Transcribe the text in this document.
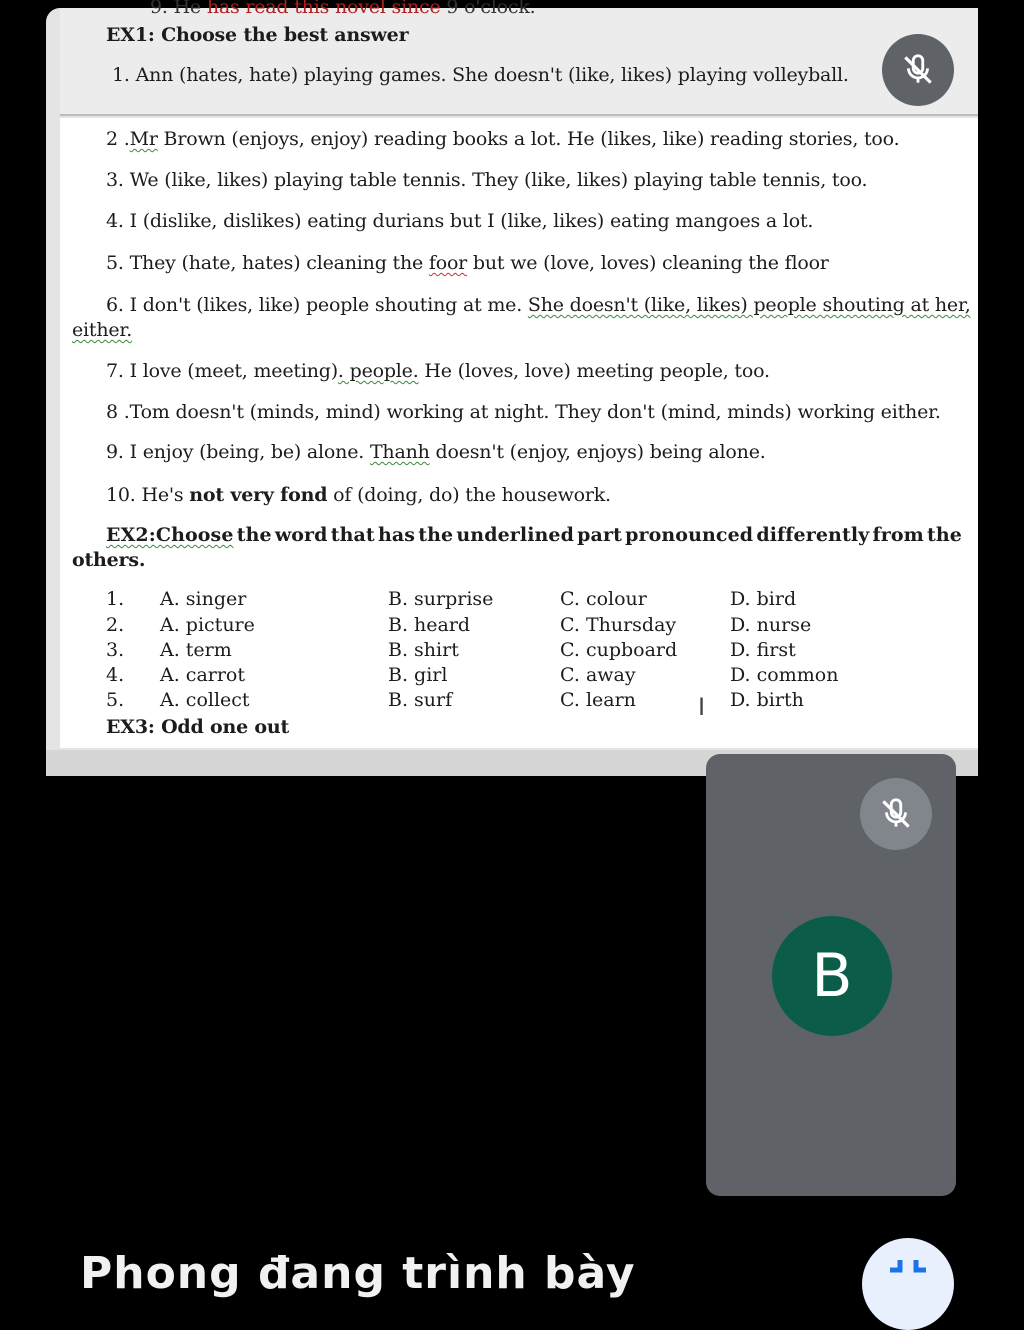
9. He has read this novel since 9 o'clock.
EX1: Choose the best answer
1. Ann (hates, hate) playing games. She doesn't (like, likes) playing volleyball.
2 .Mr Brown (enjoys, enjoy) reading books a lot. He (likes, like) reading stories, too.
3. We (like, likes) playing table tennis. They (like, likes) playing table tennis, too.
4. I (dislike, dislikes) eating durians but I (like, likes) eating mangoes a lot.
5. They (hate, hates) cleaning the foor but we (love, loves) cleaning the floor
6. I don't (likes, like) people shouting at me. She doesn't (like, likes) people shouting at her,
either.
7. I love (meet, meeting). people. He (loves, love) meeting people, too.
8 .Tom doesn't (minds, mind) working at night. They don't (mind, minds) working either.
9. I enjoy (being, be) alone. Thanh doesn't (enjoy, enjoys) being alone.
10. He's not very fond of (doing, do) the housework.
EX2:Choose the word that has the underlined part pronounced differently from the
others.
1. A. singer	B. surprise	C. colour	D. bird
2. A. picture	B. heard	C. Thursday	D. nurse
3. A. term	B. shirt	C. cupboard	D. first
4. A. carrot	B. girl	C. away	D. common
5. A. collect	B. surf	C. learn	D. birth
EX3: Odd one out
I
B
Phong đang trình bày
